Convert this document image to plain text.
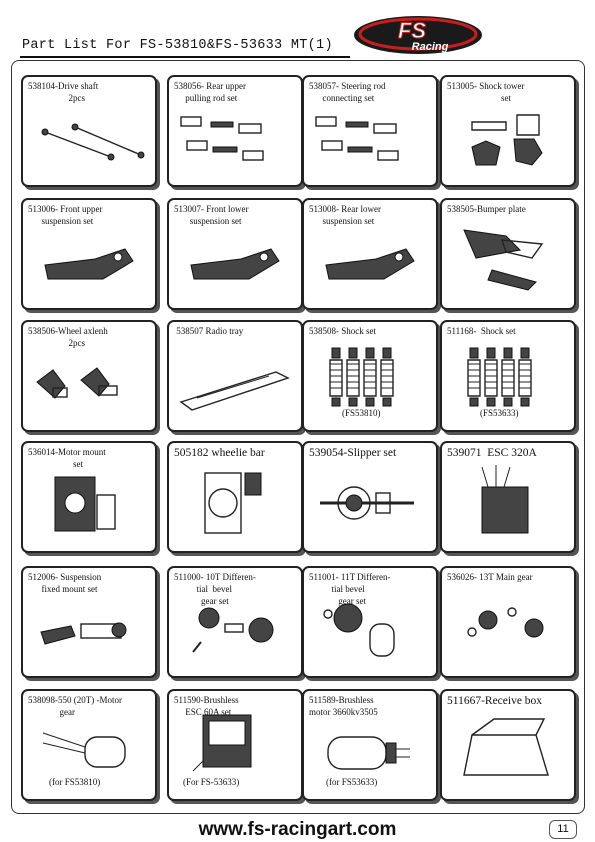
Part List For FS-53810&FS-53633 MT(1)
FS
Racing
538104-Drive shaft
2pcs
538056- Rear upper
pulling rod set
538057- Steering rod
connecting set
513005- Shock tower
set
513006- Front upper
suspension set
513007- Front lower
suspension set
513008- Rear lower
suspension set
538505-Bumper plate
538506-Wheel axlenh
2pcs
538507 Radio tray	538508- Shock set
(FS53810)
511168-  Shock set
(FS53633)
536014-Motor mount
set
505182 wheelie bar	539054-Slipper set	539071  ESC 320A
512006- Suspension
fixed mount set
511000- 10T Differen-
tial  bevel
gear set
511001- 11T Differen-
tial bevel
gear set
536026- 13T Main gear
538098-550 (20T) -Motor
gear
(for FS53810)
511590-Brushless
ESC 60A set
(For FS-53633)
511589-Brushless
motor 3660kv3505
(for FS53633)
511667-Receive box
www.fs-racingart.com	11
